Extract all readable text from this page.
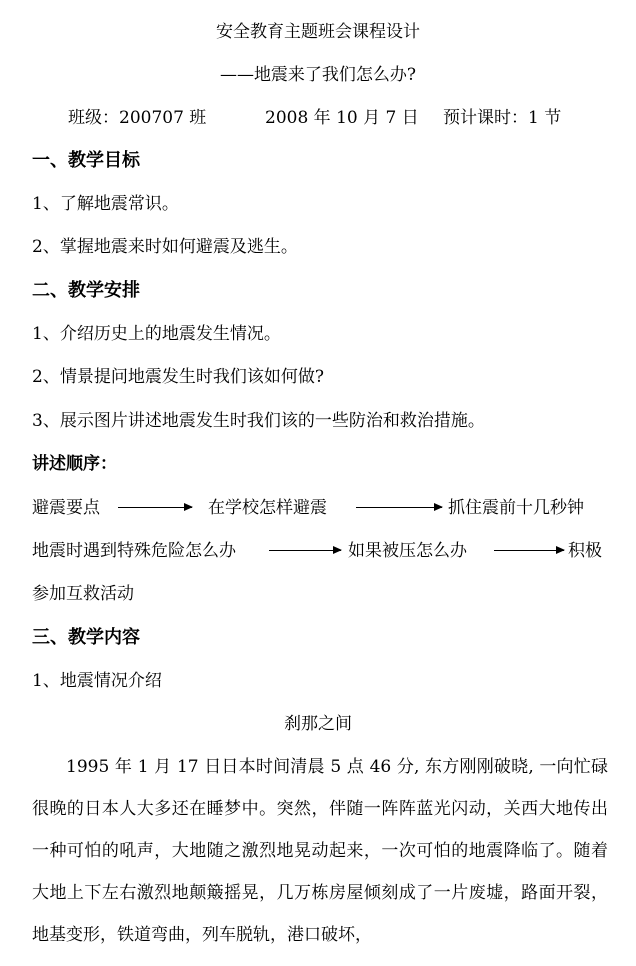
安全教育主题班会课程设计
——地震来了我们怎么办?
班级：200707 班	2008 年 10 月 7 日 预计课时：1 节
一、教学目标
1、了解地震常识。
2、掌握地震来时如何避震及逃生。
二、教学安排
1、介绍历史上的地震发生情况。
2、情景提问地震发生时我们该如何做?
3、展示图片讲述地震发生时我们该的一些防治和救治措施。
讲述顺序：
避震要点	在学校怎样避震	抓住震前十几秒钟
地震时遇到特殊危险怎么办	如果被压怎么办	积极
参加互救活动
三、教学内容
1、地震情况介绍
刹那之间
1995 年 1 月 17 日日本时间清晨 5 点 46 分, 东方刚刚破晓, 一向忙碌很晚的日本人大多还在睡梦中。突然，伴随一阵阵蓝光闪动，关西大地传出一种可怕的吼声，大地随之激烈地晃动起来，一次可怕的地震降临了。随着大地上下左右激烈地颠簸摇晃，几万栋房屋倾刻成了一片废墟，路面开裂，地基变形，铁道弯曲，列车脱轨，港口破坏，
